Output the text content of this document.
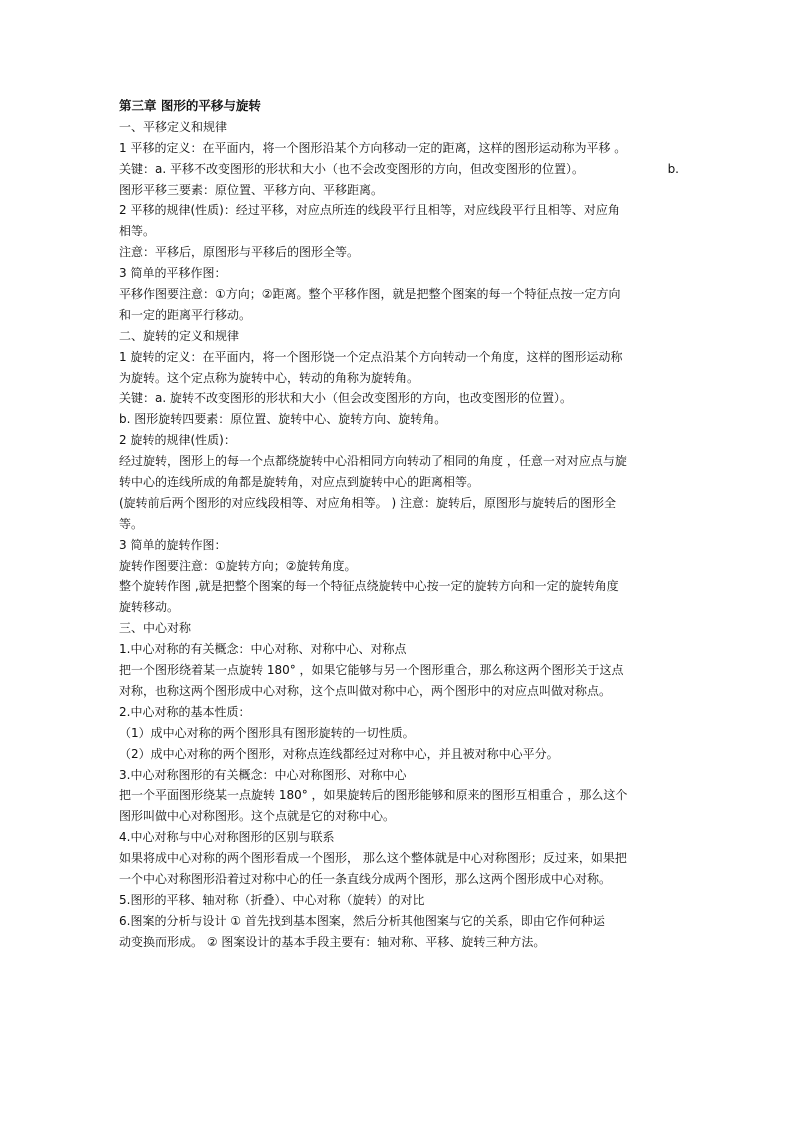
第三章 图形的平移与旋转
一、平移定义和规律
1 平移的定义：在平面内，将一个图形沿某个方向移动一定的距离，这样的图形运动称为平移 。
关键：a. 平移不改变图形的形状和大小（也不会改变图形的方向，但改变图形的位置）。	b.
图形平移三要素：原位置、平移方向、平移距离。
2 平移的规律(性质)：经过平移，对应点所连的线段平行且相等，对应线段平行且相等、对应角
相等。
注意：平移后，原图形与平移后的图形全等。
3 简单的平移作图：
平移作图要注意：①方向；②距离。整个平移作图，就是把整个图案的每一个特征点按一定方向
和一定的距离平行移动。
二、旋转的定义和规律
1 旋转的定义：在平面内，将一个图形饶一个定点沿某个方向转动一个角度，这样的图形运动称
为旋转。这个定点称为旋转中心，转动的角称为旋转角。
关键：a. 旋转不改变图形的形状和大小（但会改变图形的方向，也改变图形的位置）。
b. 图形旋转四要素：原位置、旋转中心、旋转方向、旋转角。
2 旋转的规律(性质)：
经过旋转，图形上的每一个点都绕旋转中心沿相同方向转动了相同的角度 ，任意一对对应点与旋
转中心的连线所成的角都是旋转角，对应点到旋转中心的距离相等。
(旋转前后两个图形的对应线段相等、对应角相等。 ) 注意：旋转后，原图形与旋转后的图形全
等。
3 简单的旋转作图：
旋转作图要注意：①旋转方向；②旋转角度。
整个旋转作图 ,就是把整个图案的每一个特征点绕旋转中心按一定的旋转方向和一定的旋转角度
旋转移动。
三、中心对称
1.中心对称的有关概念：中心对称、对称中心、对称点
把一个图形绕着某一点旋转 180° ，如果它能够与另一个图形重合，那么称这两个图形关于这点
对称，也称这两个图形成中心对称，这个点叫做对称中心，两个图形中的对应点叫做对称点。
2.中心对称的基本性质：
（1）成中心对称的两个图形具有图形旋转的一切性质。
（2）成中心对称的两个图形，对称点连线都经过对称中心，并且被对称中心平分。
3.中心对称图形的有关概念：中心对称图形、对称中心
把一个平面图形绕某一点旋转 180° ，如果旋转后的图形能够和原来的图形互相重合 ，那么这个
图形叫做中心对称图形。这个点就是它的对称中心。
4.中心对称与中心对称图形的区别与联系
如果将成中心对称的两个图形看成一个图形， 那么这个整体就是中心对称图形；反过来，如果把
一个中心对称图形沿着过对称中心的任一条直线分成两个图形，那么这两个图形成中心对称。
5.图形的平移、轴对称（折叠）、中心对称（旋转）的对比
6.图案的分析与设计 ① 首先找到基本图案，然后分析其他图案与它的关系，即由它作何种运
动变换而形成。 ② 图案设计的基本手段主要有：轴对称、平移、旋转三种方法。
